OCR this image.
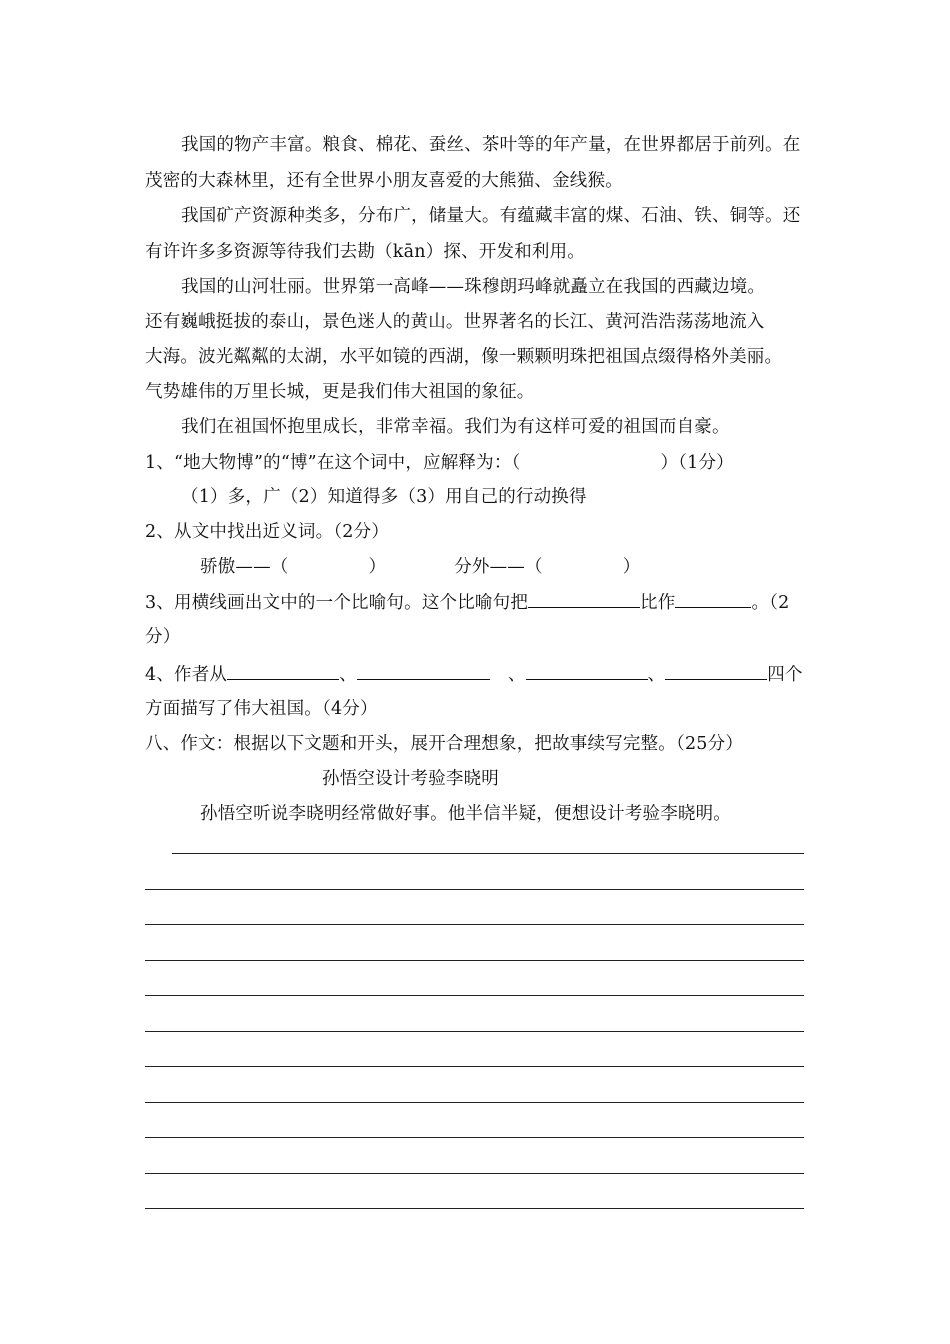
我国的物产丰富。粮食、棉花、蚕丝、茶叶等的年产量，在世界都居于前列。在
茂密的大森林里，还有全世界小朋友喜爱的大熊猫、金线猴。
我国矿产资源种类多，分布广，储量大。有蕴藏丰富的煤、石油、铁、铜等。还
有许许多多资源等待我们去勘（kān）探、开发和利用。
我国的山河壮丽。世界第一高峰——珠穆朗玛峰就矗立在我国的西藏边境。
还有巍峨挺拔的泰山，景色迷人的黄山。世界著名的长江、黄河浩浩荡荡地流入
大海。波光粼粼的太湖，水平如镜的西湖，像一颗颗明珠把祖国点缀得格外美丽。
气势雄伟的万里长城，更是我们伟大祖国的象征。
我们在祖国怀抱里成长，非常幸福。我们为有这样可爱的祖国而自豪。
1、“地大物博”的“博”在这个词中，应解释为：（	）（1分）
（1）多，广（2）知道得多（3）用自己的行动换得
2、从文中找出近义词。（2分）
骄傲——（	）	分外——（	）
3、用横线画出文中的一个比喻句。这个比喻句把	比作	。（2
分）
4、作者从	、	、	、	四个
方面描写了伟大祖国。（4分）
八、作文：根据以下文题和开头，展开合理想象，把故事续写完整。（25分）
孙悟空设计考验李晓明
孙悟空听说李晓明经常做好事。他半信半疑，便想设计考验李晓明。
